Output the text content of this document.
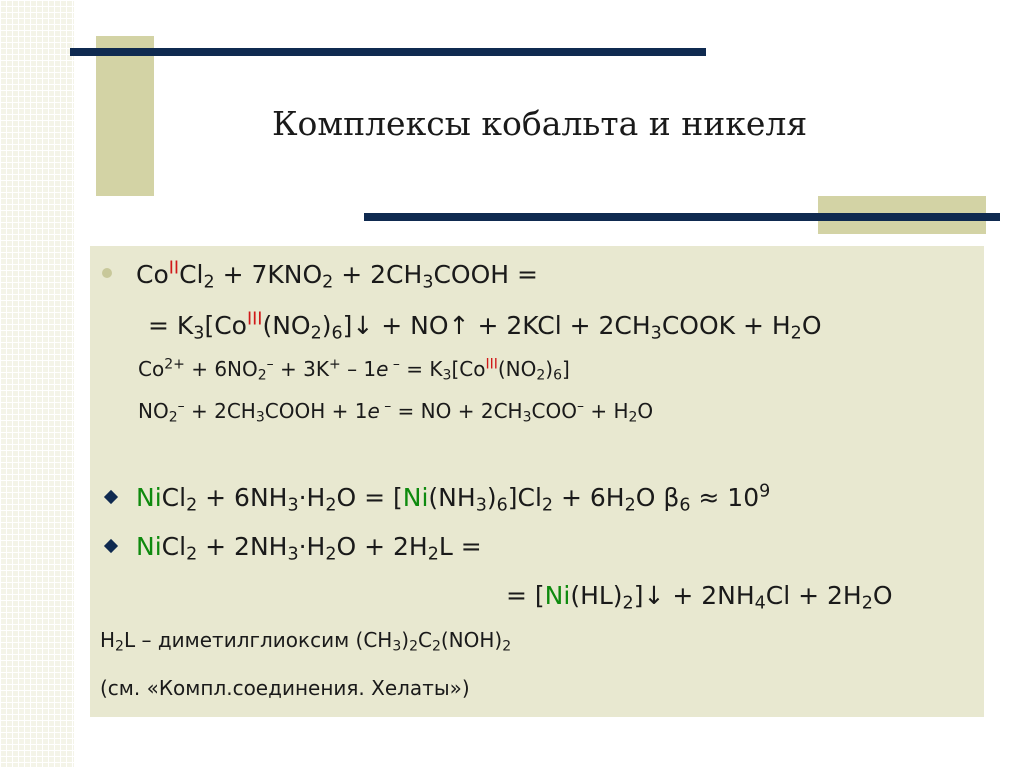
Комплексы кобальта и никеля
$Co^{II}Cl_2 + 7KNO_2$ + $2CH_3COOH$ =
= $K_3[Co^{III}(NO_2)_6]↓$ + NO↑ + $2KCl + 2CH_3COOK + H_2O$
$Co^{2+} + 6NO_2^- + 3K^+ - 1e$ $^- = K_3[Co^{III}(NO_2)_6]$
$NO_2^-$ + $2CH_3COOH + 1e$ – = NO + $2CH_3COO^- + H_2O$
NiCl$_2$ + $6NH_3\cdot H_2O = [Ni(NH_3)_6]Cl_2 + 6H_2O$ $\beta_6 \approx 10^9$
NiCl$_2$ + $2NH_3\cdot H_2O + 2H_2L$ =
= $[Ni(HL)_2]↓ + 2NH_4Cl + 2H_2O$
$H_2L$ – диметилглиоксим $(CH_3)_2C_2(NOH)_2$
(см. «Компл.соединения. Хелаты»)
